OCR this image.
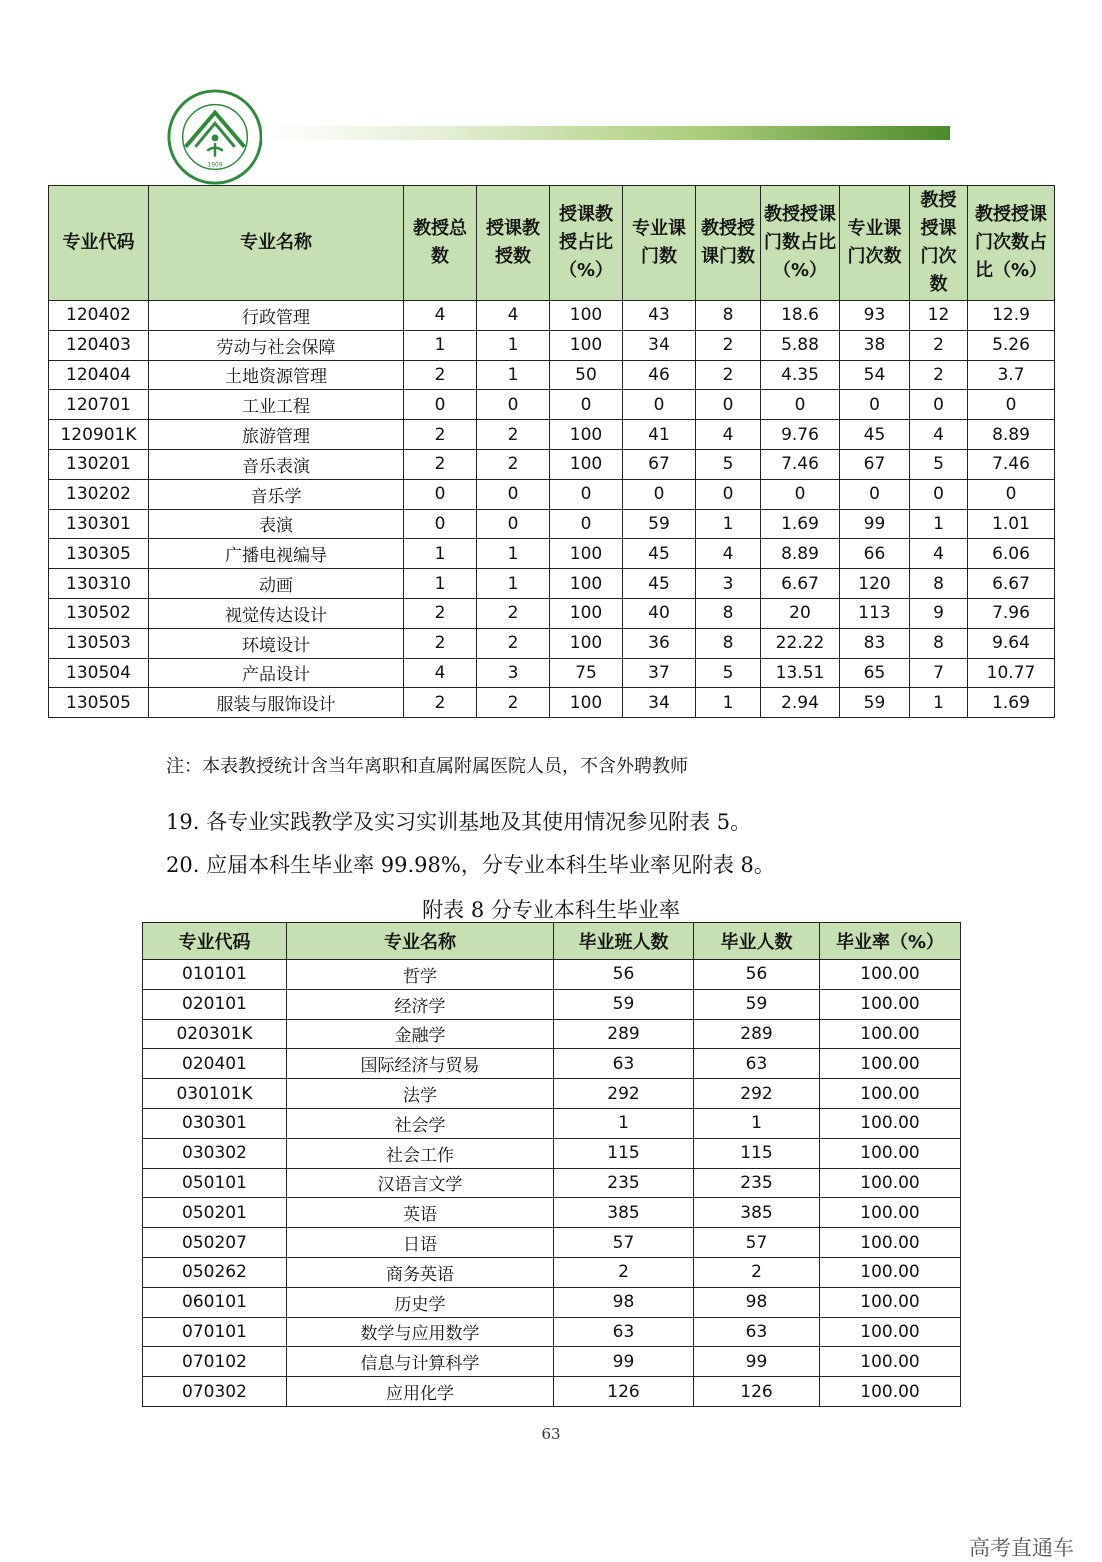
1909
专业代码	专业名称	教授总数	授课教授数	授课教授占比（%）	专业课门数	教授授课门数	教授授课门数占比（%）	专业课门次数	教授授课门次数	教授授课门次数占比（%）
120402	行政管理	4	4	100	43	8	18.6	93	12	12.9
120403	劳动与社会保障	1	1	100	34	2	5.88	38	2	5.26
120404	土地资源管理	2	1	50	46	2	4.35	54	2	3.7
120701	工业工程	0	0	0	0	0	0	0	0	0
120901K	旅游管理	2	2	100	41	4	9.76	45	4	8.89
130201	音乐表演	2	2	100	67	5	7.46	67	5	7.46
130202	音乐学	0	0	0	0	0	0	0	0	0
130301	表演	0	0	0	59	1	1.69	99	1	1.01
130305	广播电视编导	1	1	100	45	4	8.89	66	4	6.06
130310	动画	1	1	100	45	3	6.67	120	8	6.67
130502	视觉传达设计	2	2	100	40	8	20	113	9	7.96
130503	环境设计	2	2	100	36	8	22.22	83	8	9.64
130504	产品设计	4	3	75	37	5	13.51	65	7	10.77
130505	服装与服饰设计	2	2	100	34	1	2.94	59	1	1.69
注：本表教授统计含当年离职和直属附属医院人员，不含外聘教师
19. 各专业实践教学及实习实训基地及其使用情况参见附表 5。
20. 应届本科生毕业率 99.98%，分专业本科生毕业率见附表 8。
附表 8 分专业本科生毕业率
专业代码	专业名称	毕业班人数	毕业人数	毕业率（%）
010101	哲学	56	56	100.00
020101	经济学	59	59	100.00
020301K	金融学	289	289	100.00
020401	国际经济与贸易	63	63	100.00
030101K	法学	292	292	100.00
030301	社会学	1	1	100.00
030302	社会工作	115	115	100.00
050101	汉语言文学	235	235	100.00
050201	英语	385	385	100.00
050207	日语	57	57	100.00
050262	商务英语	2	2	100.00
060101	历史学	98	98	100.00
070101	数学与应用数学	63	63	100.00
070102	信息与计算科学	99	99	100.00
070302	应用化学	126	126	100.00
63
高考直通车
